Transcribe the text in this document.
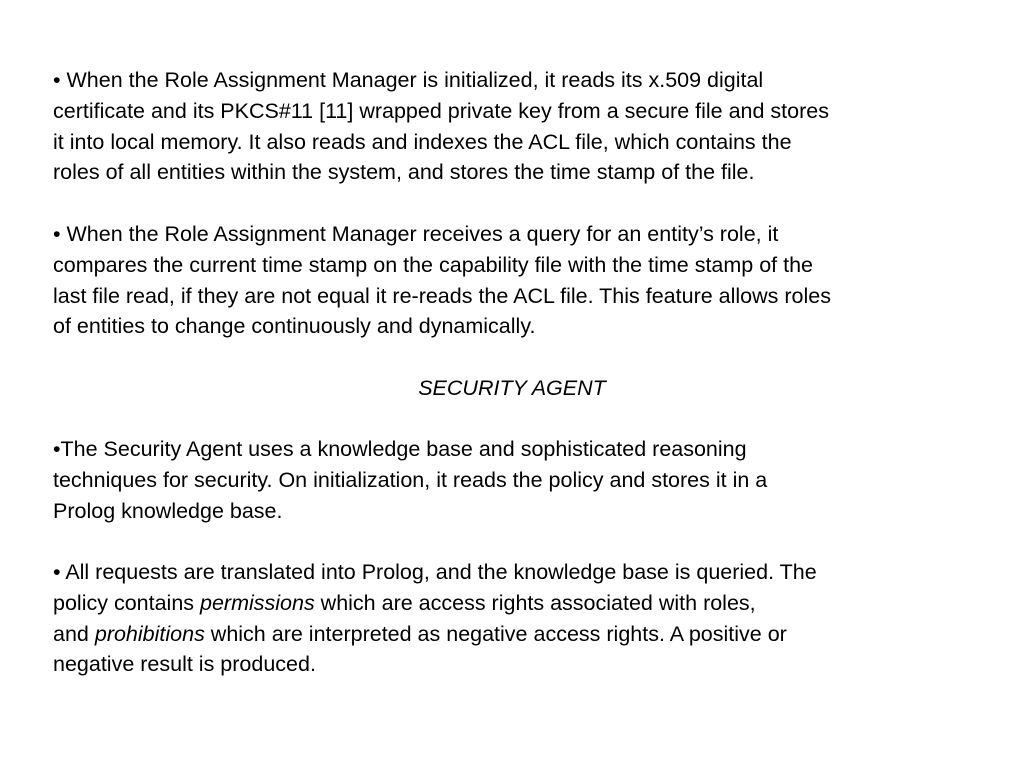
• When the Role Assignment Manager is initialized, it reads its x.509 digital
certificate and its PKCS#11 [11] wrapped private key from a secure file and stores
it into local memory. It also reads and indexes the ACL file, which contains the
roles of all entities within the system, and stores the time stamp of the file.

• When the Role Assignment Manager receives a query for an entity’s role, it
compares the current time stamp on the capability file with the time stamp of the
last file read, if they are not equal it re-reads the ACL file. This feature allows roles
of entities to change continuously and dynamically.

SECURITY AGENT

•The Security Agent uses a knowledge base and sophisticated reasoning
techniques for security. On initialization, it reads the policy and stores it in a
Prolog knowledge base.

• All requests are translated into Prolog, and the knowledge base is queried. The
policy contains permissions which are access rights associated with roles,
and prohibitions which are interpreted as negative access rights. A positive or
negative result is produced.
